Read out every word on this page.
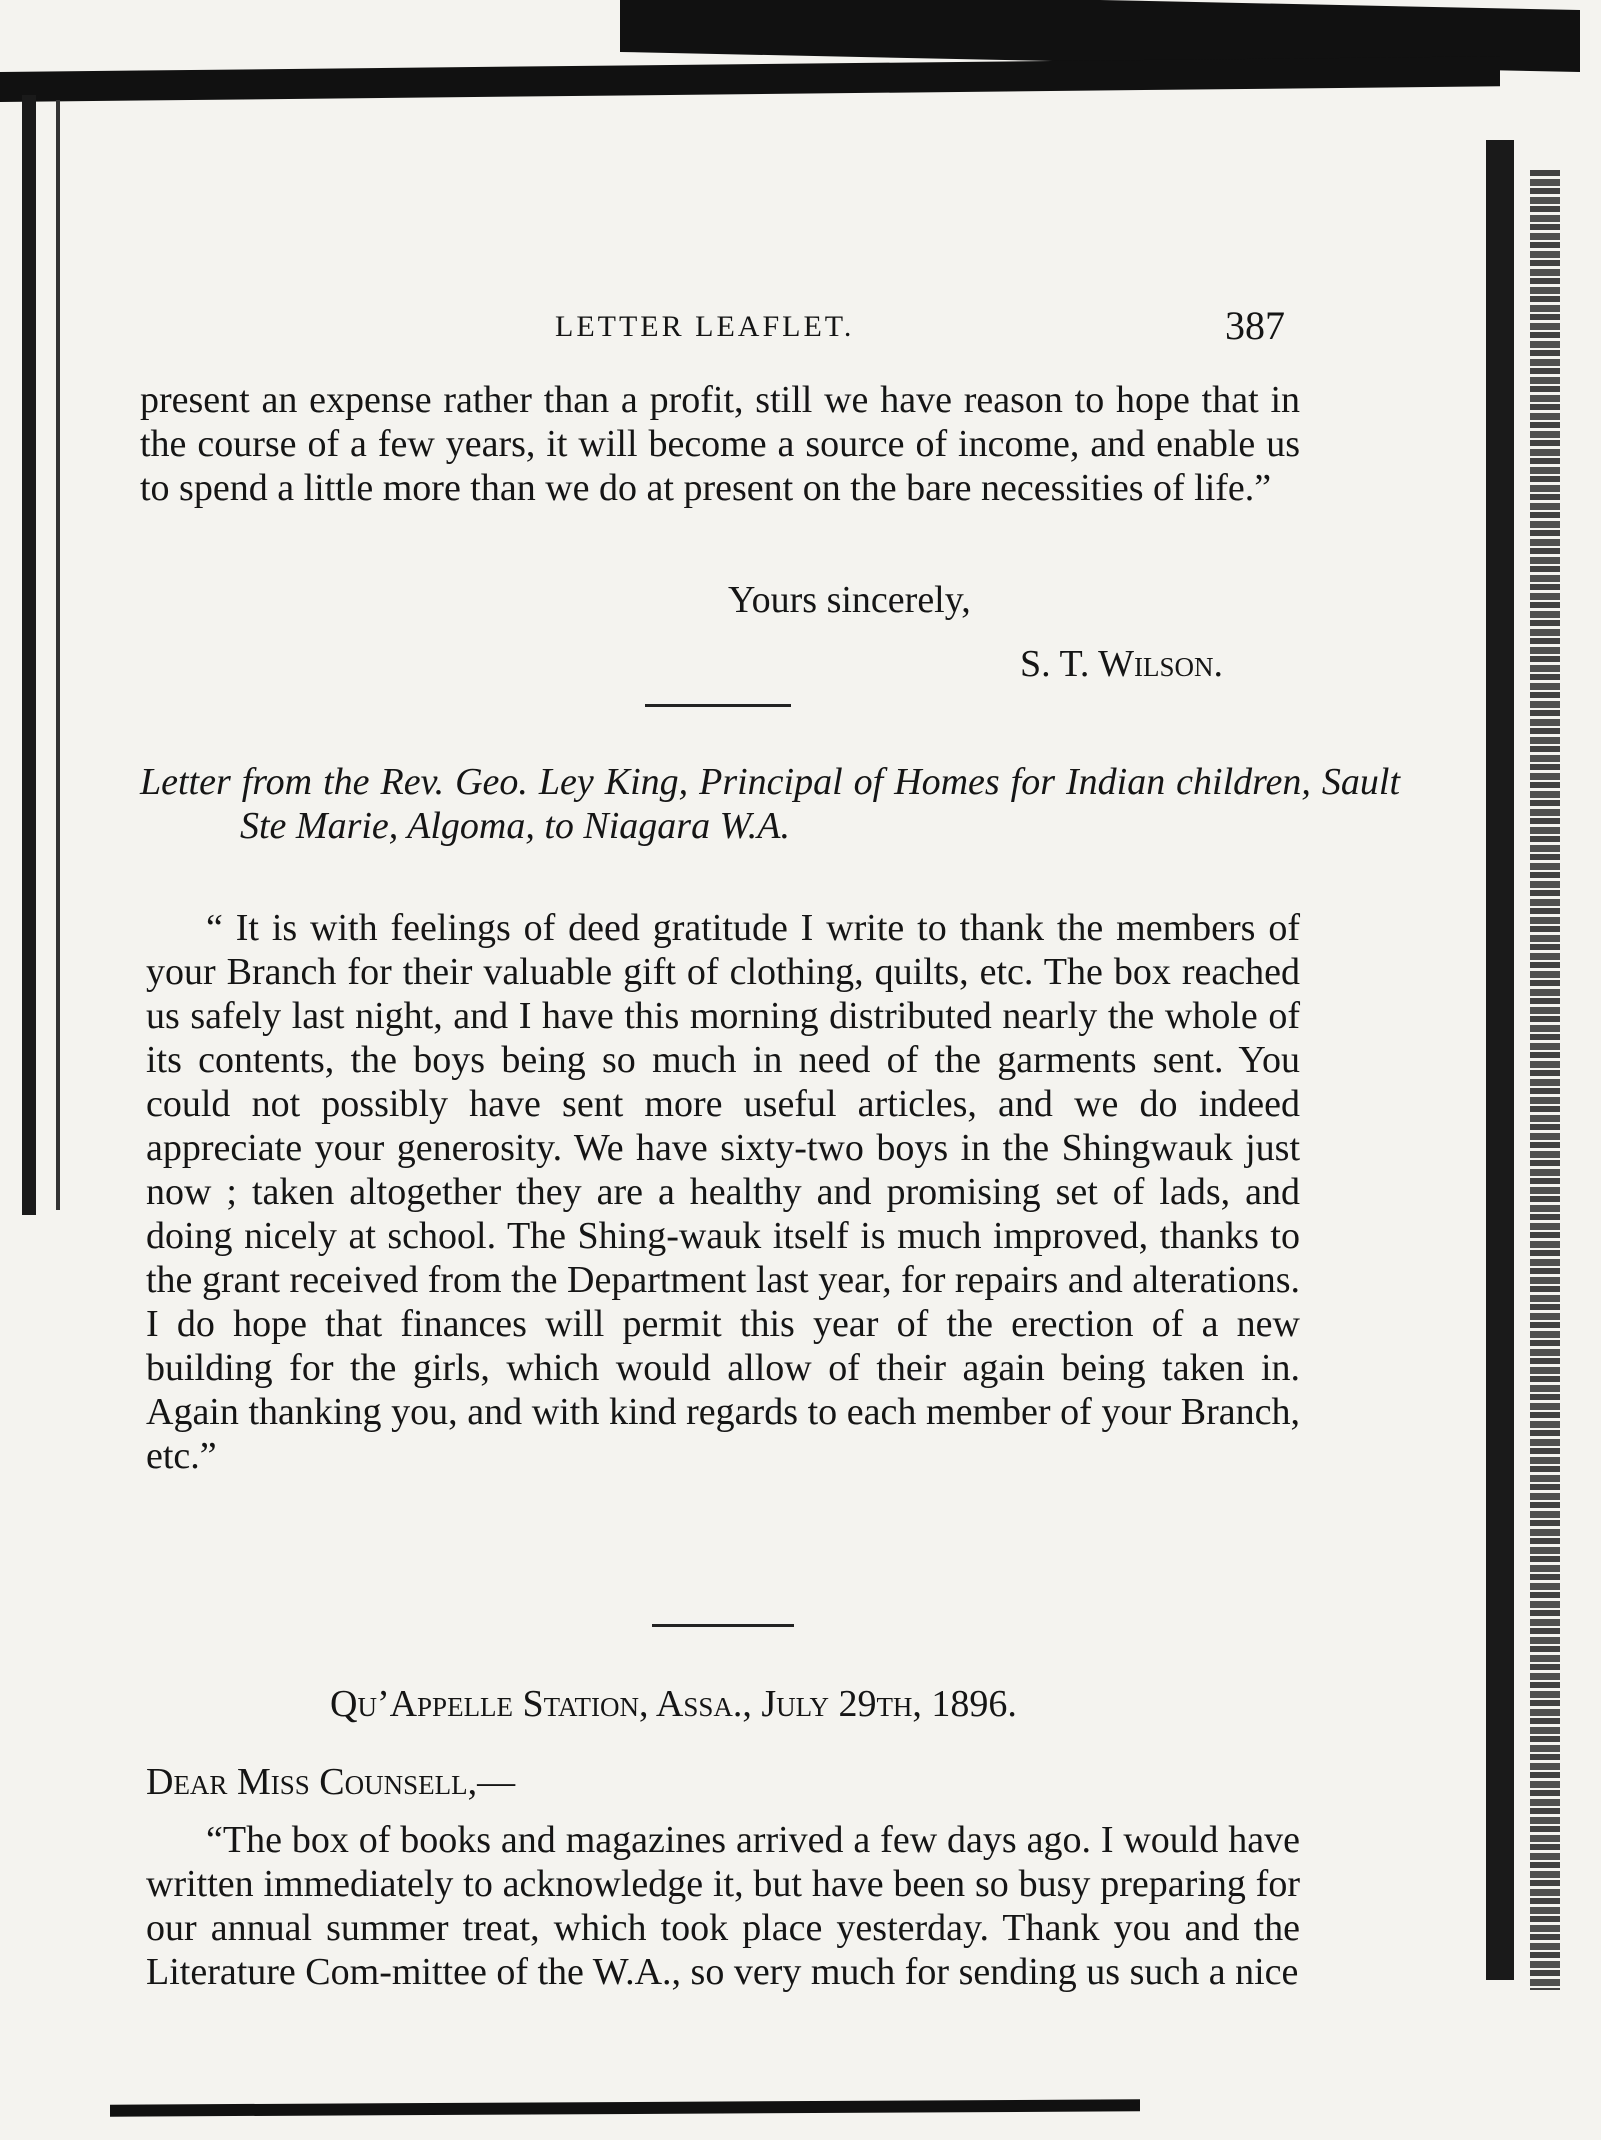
LETTER LEAFLET.	387

present an expense rather than a profit, still we have reason to hope that in the course of a few years, it will become a source of income, and enable us to spend a little more than we do at present on the bare necessities of life.”

Yours sincerely,
S. T. Wilson.
Letter from the Rev. Geo. Ley King, Principal of Homes for Indian children, Sault Ste Marie, Algoma, to Niagara W.A.

“ It is with feelings of deed gratitude I write to thank the members of your Branch for their valuable gift of clothing, quilts, etc. The box reached us safely last night, and I have this morning distributed nearly the whole of its contents, the boys being so much in need of the garments sent. You could not possibly have sent more useful articles, and we do indeed appreciate your generosity. We have sixty-two boys in the Shingwauk just now ; taken altogether they are a healthy and promising set of lads, and doing nicely at school. The Shing-wauk itself is much improved, thanks to the grant received from the Department last year, for repairs and alterations. I do hope that finances will permit this year of the erection of a new building for the girls, which would allow of their again being taken in. Again thanking you, and with kind regards to each member of your Branch, etc.”

Qu’Appelle Station, Assa., July 29th, 1896.
Dear Miss Counsell,—

“The box of books and magazines arrived a few days ago. I would have written immediately to acknowledge it, but have been so busy preparing for our annual summer treat, which took place yesterday. Thank you and the Literature Com-mittee of the W.A., so very much for sending us such a nice
